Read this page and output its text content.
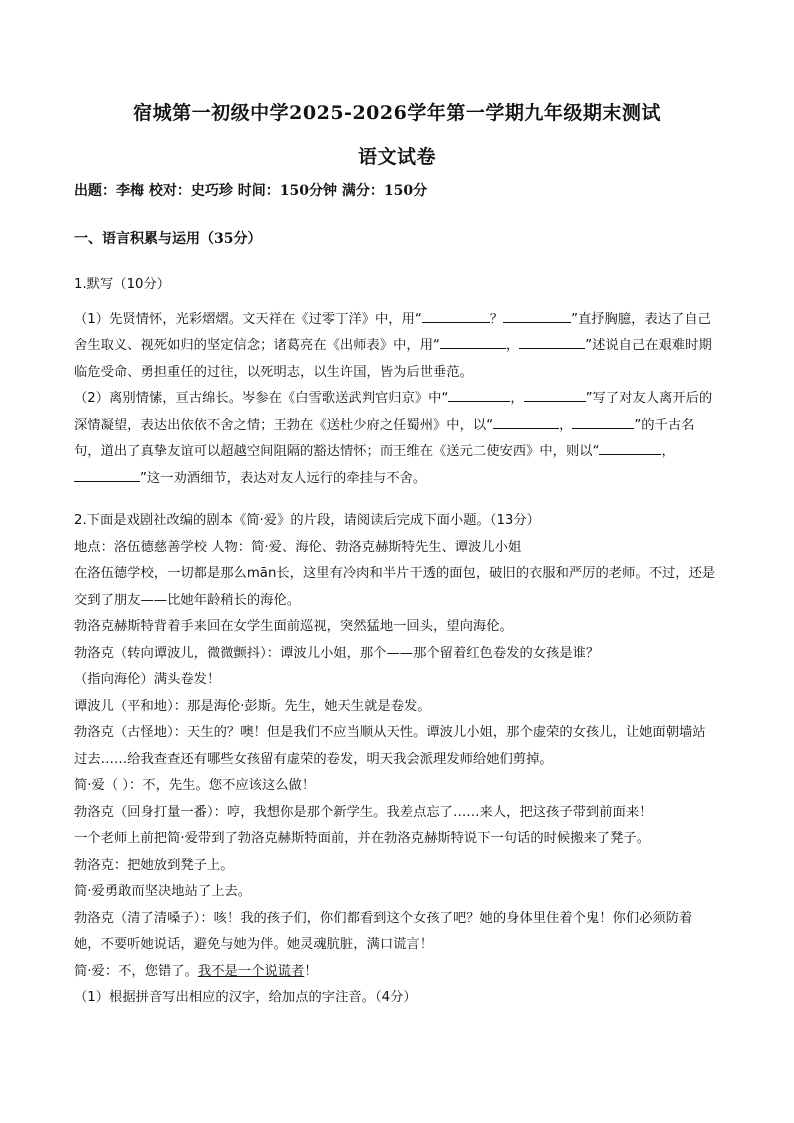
宿城第一初级中学2025-2026学年第一学期九年级期末测试
语文试卷
出题：李梅 校对：史巧珍 时间：150分钟 满分：150分
一、语言积累与运用（35分）

1.默写（10分）

（1）先贤情怀，光彩熠熠。文天祥在《过零丁洋》中，用“	？	”直抒胸臆，表达了自己舍生取义、视死如归的坚定信念；诸葛亮在《出师表》中，用“	，	”述说自己在艰难时期临危受命、勇担重任的过往，以死明志，以生许国，皆为后世垂范。

（2）离别情愫，亘古绵长。岑参在《白雪歌送武判官归京》中“	，	”写了对友人离开后的深情凝望，表达出依依不舍之情；王勃在《送杜少府之任蜀州》中，以“	，	”的千古名句，道出了真挚友谊可以超越空间阻隔的豁达情怀；而王维在《送元二使安西》中，则以“	，”这一劝酒细节，表达对友人远行的牵挂与不舍。

2.下面是戏剧社改编的剧本《简·爱》的片段，请阅读后完成下面小题。（13分）

地点：洛伍德慈善学校 人物：简·爱、海伦、勃洛克赫斯特先生、谭波儿小姐

在洛伍德学校，一切都是那么mān长，这里有冷肉和半片干透的面包，破旧的衣服和严厉的老师。不过，还是交到了朋友——比她年龄稍长的海伦。

勃洛克赫斯特背着手来回在女学生面前巡视，突然猛地一回头，望向海伦。

勃洛克（转向谭波儿，微微颤抖）：谭波儿小姐，那个——那个留着红色卷发的女孩是谁？

（指向海伦）满头卷发！

谭波儿（平和地）：那是海伦·彭斯。先生，她天生就是卷发。

勃洛克（古怪地）：天生的？噢！但是我们不应当顺从天性。谭波儿小姐，那个虚荣的女孩儿，让她面朝墙站过去……给我查查还有哪些女孩留有虚荣的卷发，明天我会派理发师给她们剪掉。

简·爱（ ）：不，先生。您不应该这么做！

勃洛克（回身打量一番）：哼，我想你是那个新学生。我差点忘了……来人，把这孩子带到前面来！

一个老师上前把简·爱带到了勃洛克赫斯特面前，并在勃洛克赫斯特说下一句话的时候搬来了凳子。

勃洛克：把她放到凳子上。

简·爱勇敢而坚决地站了上去。

勃洛克（清了清嗓子）：咳！我的孩子们，你们都看到这个女孩了吧？她的身体里住着个鬼！你们必须防着她，不要听她说话，避免与她为伴。她灵魂肮脏，满口谎言！

简·爱：不，您错了。我不是一个说谎者！

（1）根据拼音写出相应的汉字，给加点的字注音。（4分）
